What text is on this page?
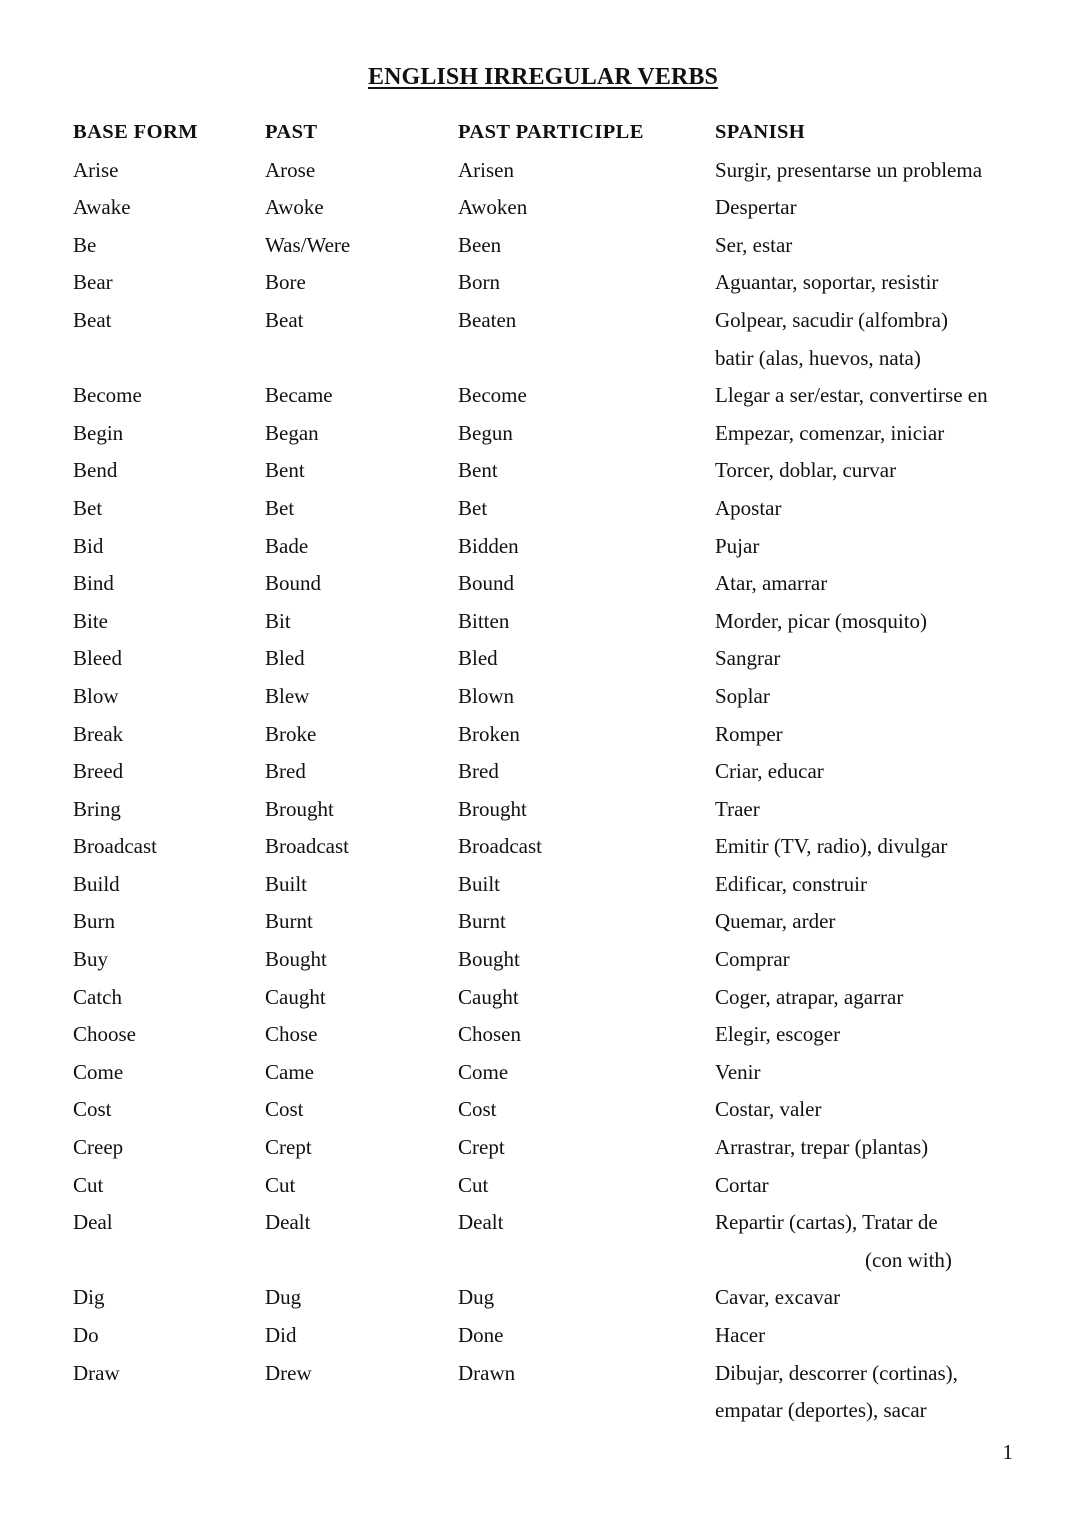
ENGLISH IRREGULAR VERBS
BASE FORM	PAST	PAST PARTICIPLE	SPANISH
Arise	Arose	Arisen	Surgir, presentarse un problema
Awake	Awoke	Awoken	Despertar
Be	Was/Were	Been	Ser, estar
Bear	Bore	Born	Aguantar, soportar, resistir
Beat	Beat	Beaten	Golpear, sacudir (alfombra)
batir (alas, huevos, nata)
Become	Became	Become	Llegar a ser/estar, convertirse en
Begin	Began	Begun	Empezar, comenzar, iniciar
Bend	Bent	Bent	Torcer, doblar, curvar
Bet	Bet	Bet	Apostar
Bid	Bade	Bidden	Pujar
Bind	Bound	Bound	Atar, amarrar
Bite	Bit	Bitten	Morder, picar (mosquito)
Bleed	Bled	Bled	Sangrar
Blow	Blew	Blown	Soplar
Break	Broke	Broken	Romper
Breed	Bred	Bred	Criar, educar
Bring	Brought	Brought	Traer
Broadcast	Broadcast	Broadcast	Emitir (TV, radio), divulgar
Build	Built	Built	Edificar, construir
Burn	Burnt	Burnt	Quemar, arder
Buy	Bought	Bought	Comprar
Catch	Caught	Caught	Coger, atrapar, agarrar
Choose	Chose	Chosen	Elegir, escoger
Come	Came	Come	Venir
Cost	Cost	Cost	Costar, valer
Creep	Crept	Crept	Arrastrar, trepar (plantas)
Cut	Cut	Cut	Cortar
Deal	Dealt	Dealt	Repartir (cartas), Tratar de
(con with)
Dig	Dug	Dug	Cavar, excavar
Do	Did	Done	Hacer
Draw	Drew	Drawn	Dibujar, descorrer (cortinas),
empatar (deportes), sacar
1
